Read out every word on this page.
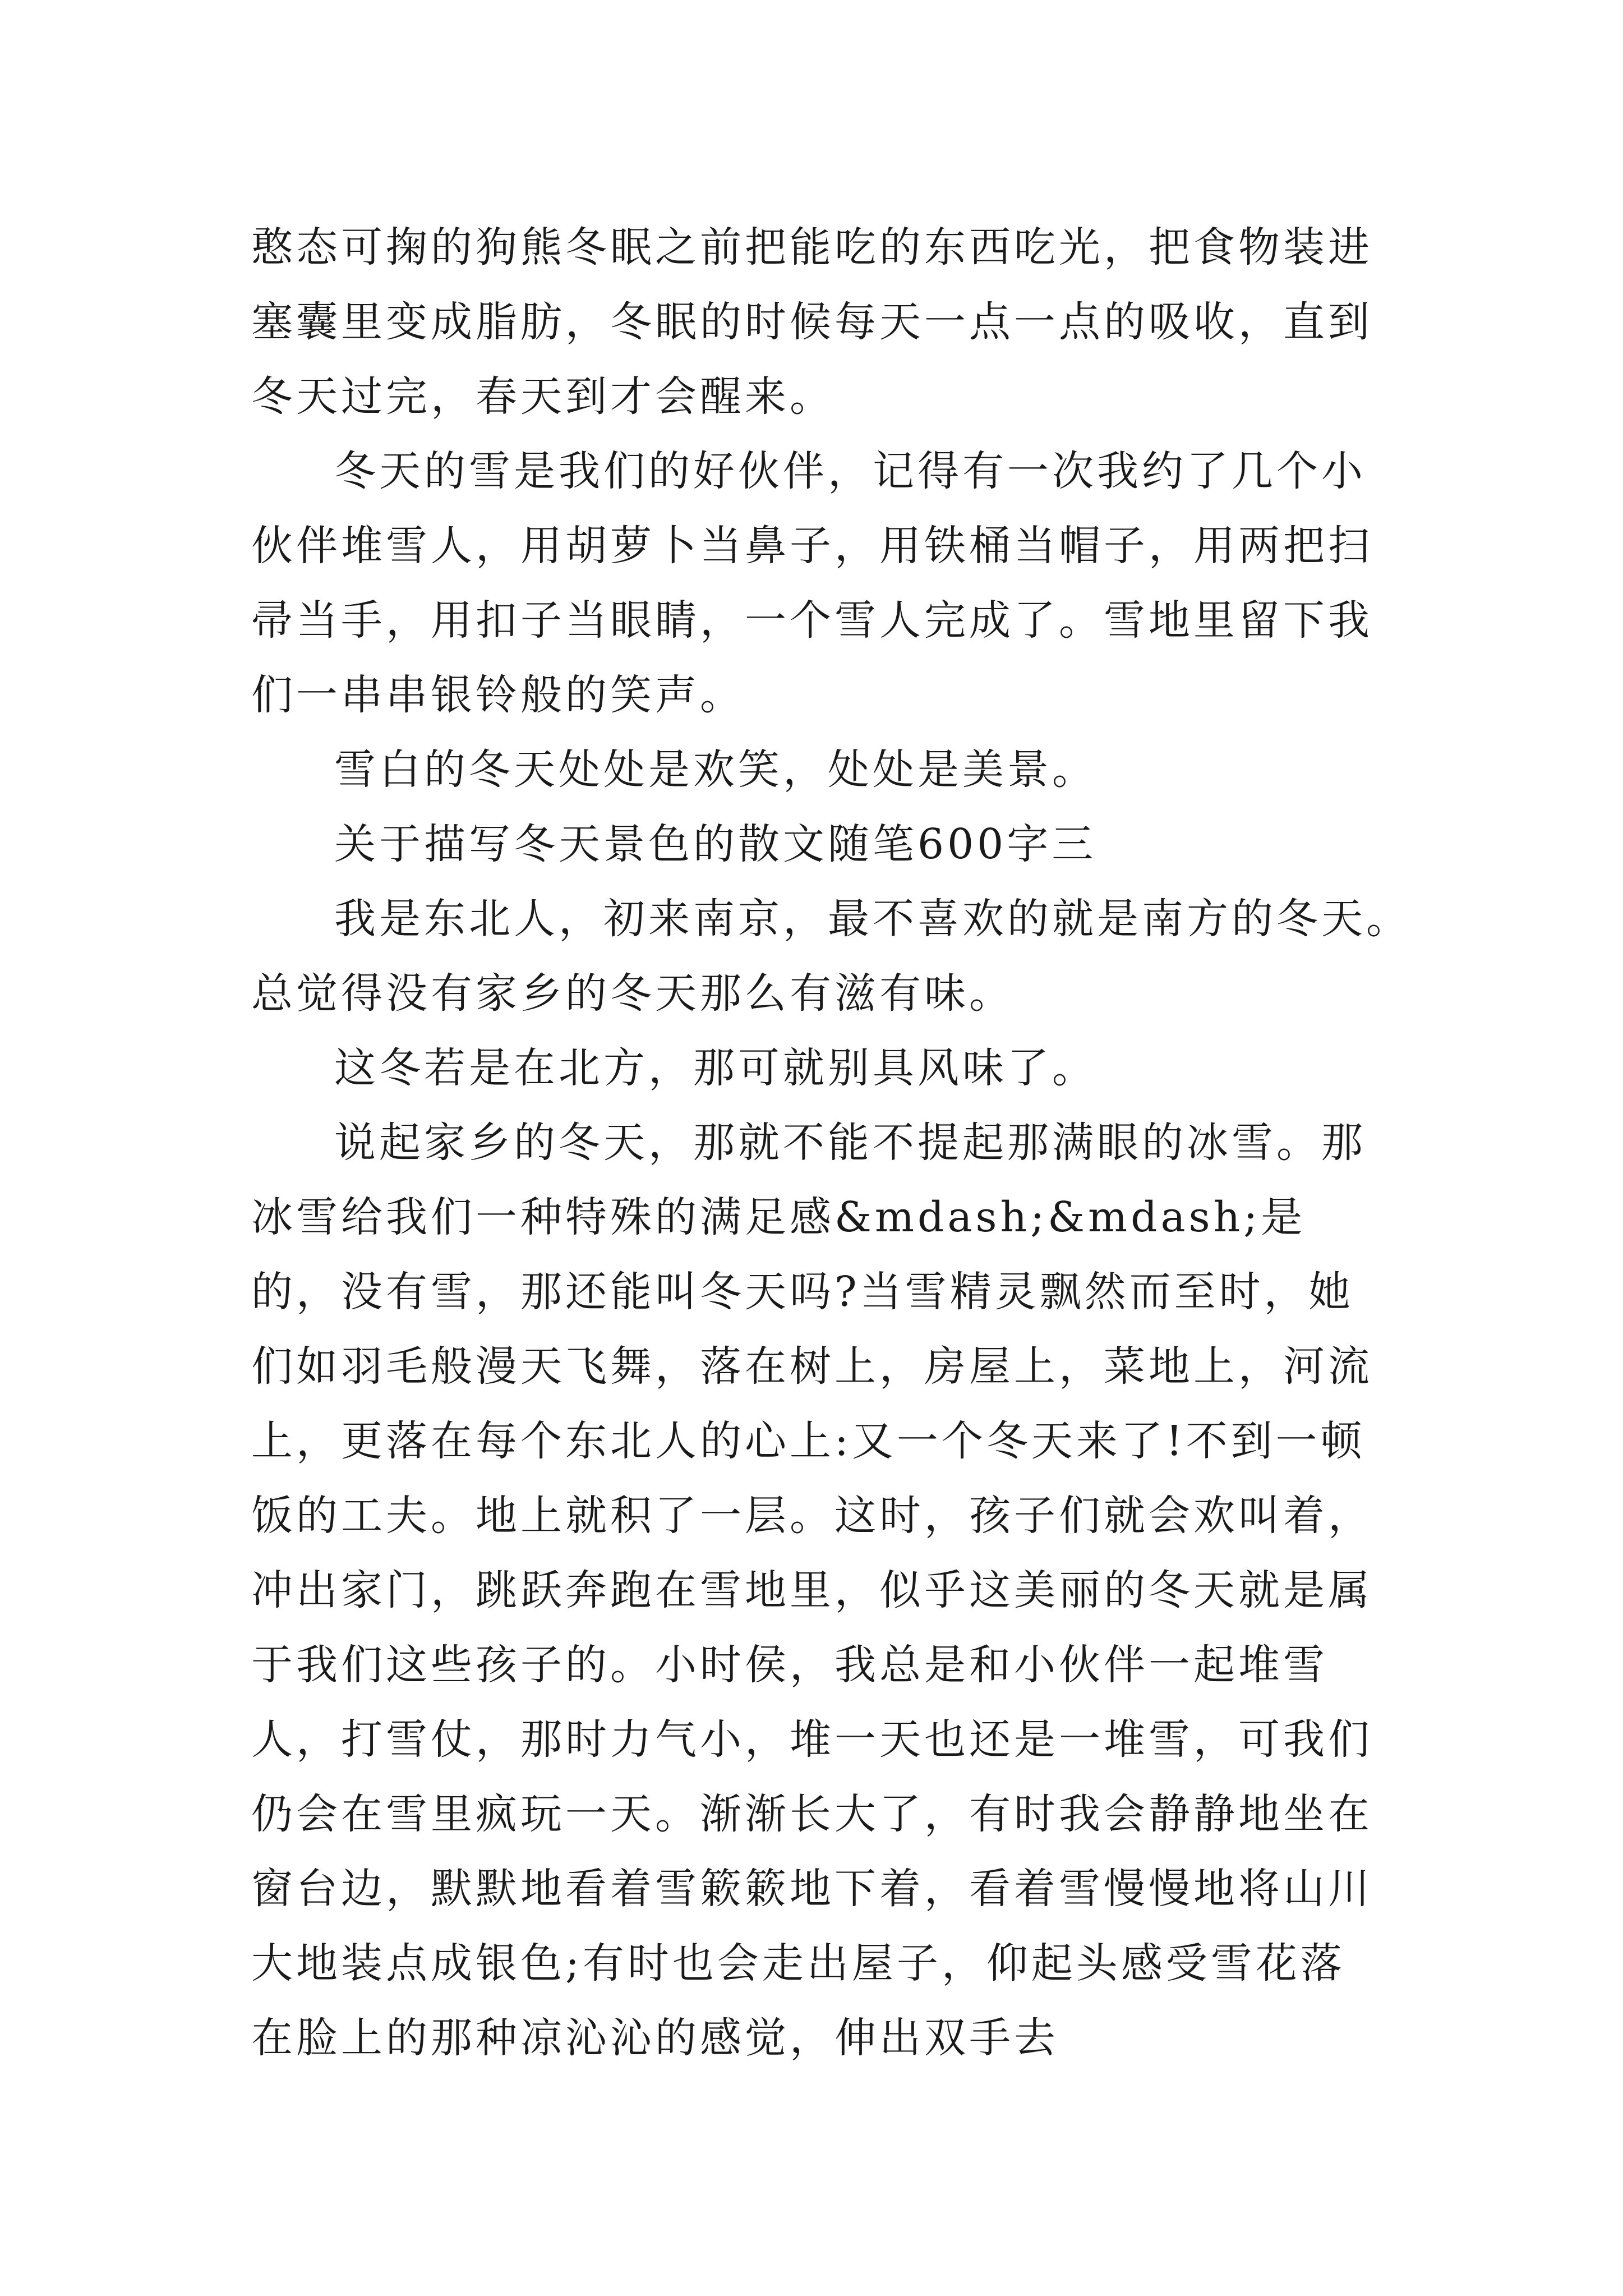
憨态可掬的狗熊冬眠之前把能吃的东西吃光，把食物装进塞囊里变成脂肪，冬眠的时候每天一点一点的吸收，直到冬天过完，春天到才会醒来。

冬天的雪是我们的好伙伴，记得有一次我约了几个小伙伴堆雪人，用胡萝卜当鼻子，用铁桶当帽子，用两把扫帚当手，用扣子当眼睛，一个雪人完成了。雪地里留下我们一串串银铃般的笑声。

雪白的冬天处处是欢笑，处处是美景。

关于描写冬天景色的散文随笔600字三

我是东北人，初来南京，最不喜欢的就是南方的冬天。总觉得没有家乡的冬天那么有滋有味。

这冬若是在北方，那可就别具风味了。

说起家乡的冬天，那就不能不提起那满眼的冰雪。那冰雪给我们一种特殊的满足感&mdash;&mdash;是的，没有雪，那还能叫冬天吗?当雪精灵飘然而至时，她们如羽毛般漫天飞舞，落在树上，房屋上，菜地上，河流上，更落在每个东北人的心上:又一个冬天来了!不到一顿饭的工夫。地上就积了一层。这时，孩子们就会欢叫着，冲出家门，跳跃奔跑在雪地里，似乎这美丽的冬天就是属于我们这些孩子的。小时侯，我总是和小伙伴一起堆雪人，打雪仗，那时力气小，堆一天也还是一堆雪，可我们仍会在雪里疯玩一天。渐渐长大了，有时我会静静地坐在窗台边，默默地看着雪簌簌地下着，看着雪慢慢地将山川大地装点成银色;有时也会走出屋子，仰起头感受雪花落在脸上的那种凉沁沁的感觉，伸出双手去
